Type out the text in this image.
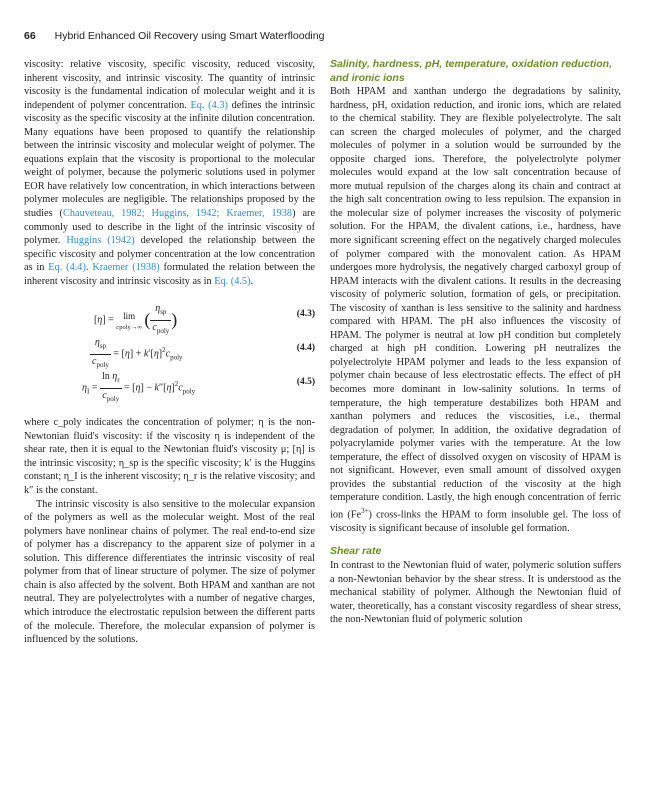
66 Hybrid Enhanced Oil Recovery using Smart Waterflooding

viscosity: relative viscosity, specific viscosity, reduced viscosity, inherent viscosity, and intrinsic viscosity. The quantity of intrinsic viscosity is the fundamental indication of molecular weight and it is independent of polymer concentration. Eq. (4.3) defines the intrinsic viscosity as the specific viscosity at the infinite dilution concentration. Many equations have been proposed to quantify the relationship between the intrinsic viscosity and molecular weight of polymer. The equations explain that the viscosity is proportional to the molecular weight of polymer, because the polymeric solutions used in polymer EOR have relatively low concentration, in which interactions between polymer molecules are negligible. The relationships proposed by the studies (Chauveteau, 1982; Huggins, 1942; Kraemer, 1938) are commonly used to describe in the light of the intrinsic viscosity of polymer. Huggins (1942) developed the relationship between the specific viscosity and polymer concentration at the low concentration as in Eq. (4.4). Kraemer (1938) formulated the relation between the inherent viscosity and intrinsic viscosity as in Eq. (4.5).

[η] = lim
cpoly→∞ ( $\frac{\eta_{sp}}{c_{poly}}$ )	(4.3)
$\frac{\eta_{sp}}{c_{poly}} = [\eta] + k'[\eta]^2c_{poly}$
(4.4)
$\eta_I = \frac{\ln \eta_r}{c_{poly}} = [\eta] - k''[\eta]^2c_{poly}$
(4.5)

where c_poly indicates the concentration of polymer; η is the non-Newtonian fluid's viscosity: if the viscosity η is independent of the shear rate, then it is equal to the Newtonian fluid's viscosity μ; [η] is the intrinsic viscosity; η_sp is the specific viscosity; k′ is the Huggins constant; η_I is the inherent viscosity; η_r is the relative viscosity; and k″ is the constant.

The intrinsic viscosity is also sensitive to the molecular expansion of the polymers as well as the molecular weight. Most of the real polymers have nonlinear chains of polymer. The real end-to-end size of polymer has a discrepancy to the apparent size of polymer in a solution. This difference differentiates the intrinsic viscosity of real polymer from that of linear structure of polymer. The size of polymer chain is also affected by the solvent. Both HPAM and xanthan are not neutral. They are polyelectrolytes with a number of negative charges, which introduce the electrostatic repulsion between the different parts of the molecule. Therefore, the molecular expansion of polymer is influenced by the solutions.

Salinity, hardness, pH, temperature, oxidation reduction, and ironic ions

Both HPAM and xanthan undergo the degradations by salinity, hardness, pH, oxidation reduction, and ironic ions, which are related to the chemical stability. They are flexible polyelectrolyte. The salt can screen the charged molecules of polymer, and the charged molecules of polymer in a solution would be surrounded by the opposite charged ions. Therefore, the polyelectrolyte polymer molecules would expand at the low salt concentration because of more mutual repulsion of the charges along its chain and contract at the high salt concentration owing to less repulsion. The expansion in the molecular size of polymer increases the viscosity of polymeric solution. For the HPAM, the divalent cations, i.e., hardness, have more significant screening effect on the negatively charged molecules of polymer compared with the monovalent cation. As HPAM undergoes more hydrolysis, the negatively charged carboxyl group of HPAM interacts with the divalent cations. It results in the decreasing viscosity of polymeric solution, formation of gels, or precipitation. The viscosity of xanthan is less sensitive to the salinity and hardness compared with HPAM. The pH also influences the viscosity of HPAM. The polymer is neutral at low pH condition but completely charged at high pH condition. Lowering pH neutralizes the polyelectrolyte HPAM polymer and leads to the less expansion of polymer chain because of less electrostatic effects. The effect of pH becomes more dominant in low-salinity solutions. In terms of temperature, the high temperature destabilizes both HPAM and xanthan polymers and reduces the viscosities, i.e., thermal degradation of polymer. In addition, the oxidative degradation of polyacrylamide polymer varies with the temperature. At the low temperature, the effect of dissolved oxygen on viscosity of HPAM is not significant. However, even small amount of dissolved oxygen provides the substantial reduction of the viscosity at the high temperature condition. Lastly, the high enough concentration of ferric ion $(Fe^{3+})$ cross-links the HPAM to form insoluble gel. The loss of viscosity is significant because of insoluble gel formation.

Shear rate

In contrast to the Newtonian fluid of water, polymeric solution suffers a non-Newtonian behavior by the shear stress. It is understood as the mechanical stability of polymer. Although the Newtonian fluid of water, theoretically, has a constant viscosity regardless of shear stress, the non-Newtonian fluid of polymeric solution
